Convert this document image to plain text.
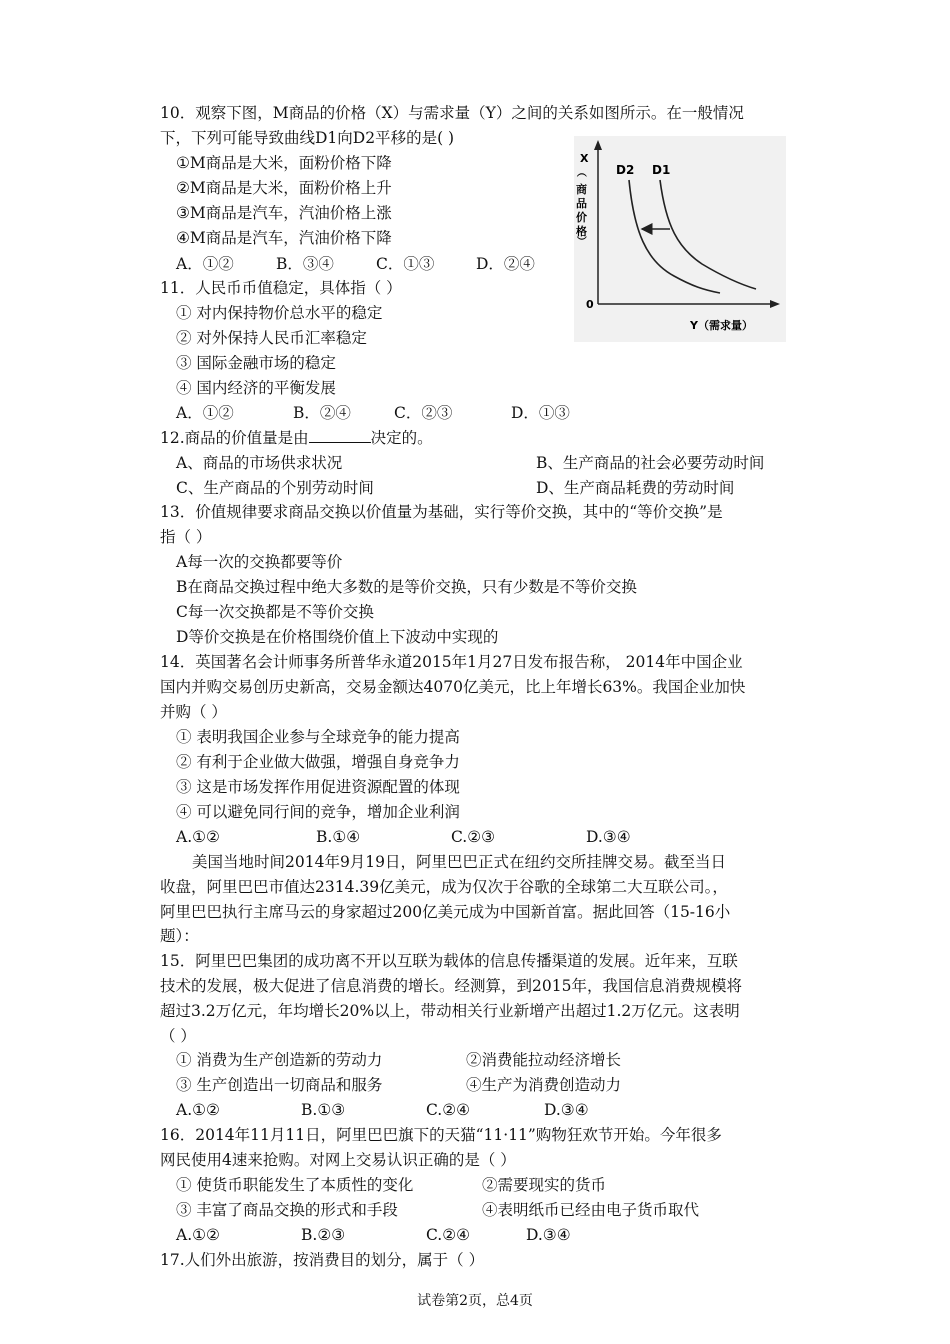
10．观察下图，M商品的价格（X）与需求量（Y）之间的关系如图所示。在一般情况
下，下列可能导致曲线D1向D2平移的是( )
①M商品是大米，面粉价格下降
②M商品是大米，面粉价格上升
③M商品是汽车，汽油价格上涨
④M商品是汽车，汽油价格下降
A．①②	B．③④	C．①③	D．②④
X
（
商
品
价
格
）
0
D2 D1
Y（需求量）
11．人民币币值稳定，具体指（ ）
① 对内保持物价总水平的稳定
② 对外保持人民币汇率稳定
③ 国际金融市场的稳定
④ 国内经济的平衡发展
A．①②	B．②④	C．②③	D．①③
12.商品的价值量是由	决定的。
A、商品的市场供求状况	B、生产商品的社会必要劳动时间
C、生产商品的个别劳动时间	D、生产商品耗费的劳动时间
13．价值规律要求商品交换以价值量为基础，实行等价交换，其中的“等价交换”是
指（ ）
A每一次的交换都要等价
B在商品交换过程中绝大多数的是等价交换，只有少数是不等价交换
C每一次交换都是不等价交换
D等价交换是在价格围绕价值上下波动中实现的
14．英国著名会计师事务所普华永道2015年1月27日发布报告称， 2014年中国企业
国内并购交易创历史新高，交易金额达4070亿美元，比上年增长63%。我国企业加快
并购（ ）
① 表明我国企业参与全球竞争的能力提高
② 有利于企业做大做强，增强自身竞争力
③ 这是市场发挥作用促进资源配置的体现
④ 可以避免同行间的竞争，增加企业利润
A.①②	B.①④	C.②③	D.③④
美国当地时间2014年9月19日，阿里巴巴正式在纽约交所挂牌交易。截至当日
收盘，阿里巴巴市值达2314.39亿美元，成为仅次于谷歌的全球第二大互联公司。，
阿里巴巴执行主席马云的身家超过200亿美元成为中国新首富。据此回答（15-16小
题）：
15．阿里巴巴集团的成功离不开以互联为载体的信息传播渠道的发展。近年来，互联
技术的发展，极大促进了信息消费的增长。经测算，到2015年，我国信息消费规模将
超过3.2万亿元，年均增长20%以上，带动相关行业新增产出超过1.2万亿元。这表明
（ ）
① 消费为生产创造新的劳动力	②消费能拉动经济增长
③ 生产创造出一切商品和服务	④生产为消费创造动力
A.①②	B.①③	C.②④	D.③④
16．2014年11月11日，阿里巴巴旗下的天猫“11·11”购物狂欢节开始。今年很多
网民使用4速来抢购。对网上交易认识正确的是（ ）
① 使货币职能发生了本质性的变化	②需要现实的货币
③ 丰富了商品交换的形式和手段	④表明纸币已经由电子货币取代
A.①②	B.②③	C.②④	D.③④
17.人们外出旅游，按消费目的划分，属于（ ）
试卷第2页，总4页
